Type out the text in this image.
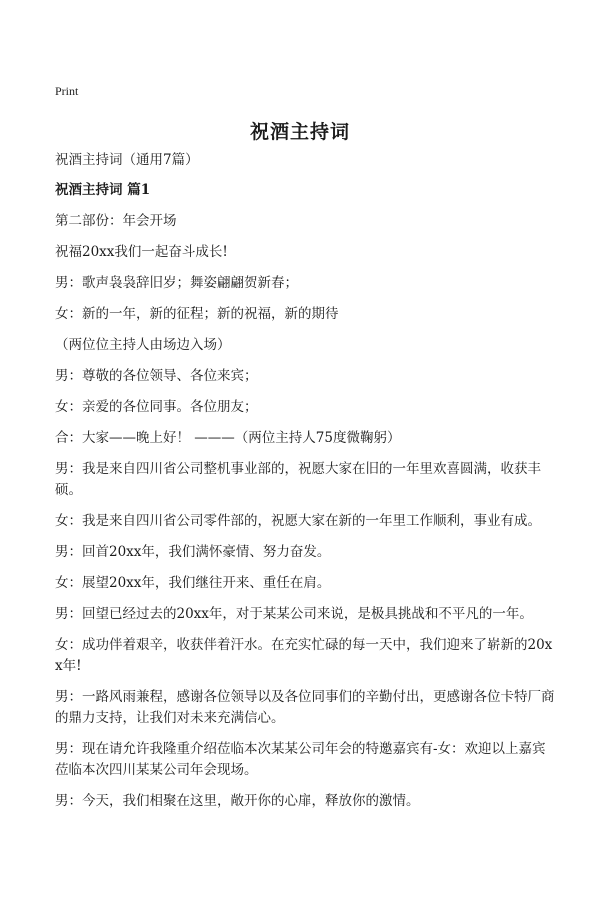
Print
祝酒主持词

祝酒主持词（通用7篇）

祝酒主持词 篇1

第二部份：年会开场

祝福20xx我们一起奋斗成长!

男：歌声袅袅辞旧岁；舞姿翩翩贺新春；

女：新的一年，新的征程；新的祝福，新的期待

（两位位主持人由场边入场）

男：尊敬的各位领导、各位来宾；

女：亲爱的各位同事。各位朋友；

合：大家——晚上好！ ———（两位主持人75度微鞠躬）

男：我是来自四川省公司整机事业部的，祝愿大家在旧的一年里欢喜圆满，收获丰硕。

女：我是来自四川省公司零件部的，祝愿大家在新的一年里工作顺利，事业有成。

男：回首20xx年，我们满怀豪情、努力奋发。

女：展望20xx年，我们继往开来、重任在肩。

男：回望已经过去的20xx年，对于某某公司来说，是极具挑战和不平凡的一年。

女：成功伴着艰辛，收获伴着汗水。在充实忙碌的每一天中，我们迎来了崭新的20xx年!

男：一路风雨兼程，感谢各位领导以及各位同事们的辛勤付出，更感谢各位卡特厂商的鼎力支持，让我们对未来充满信心。

男：现在请允许我隆重介绍莅临本次某某公司年会的特邀嘉宾有-女：欢迎以上嘉宾莅临本次四川某某公司年会现场。

男：今天，我们相聚在这里，敞开你的心扉，释放你的激情。
